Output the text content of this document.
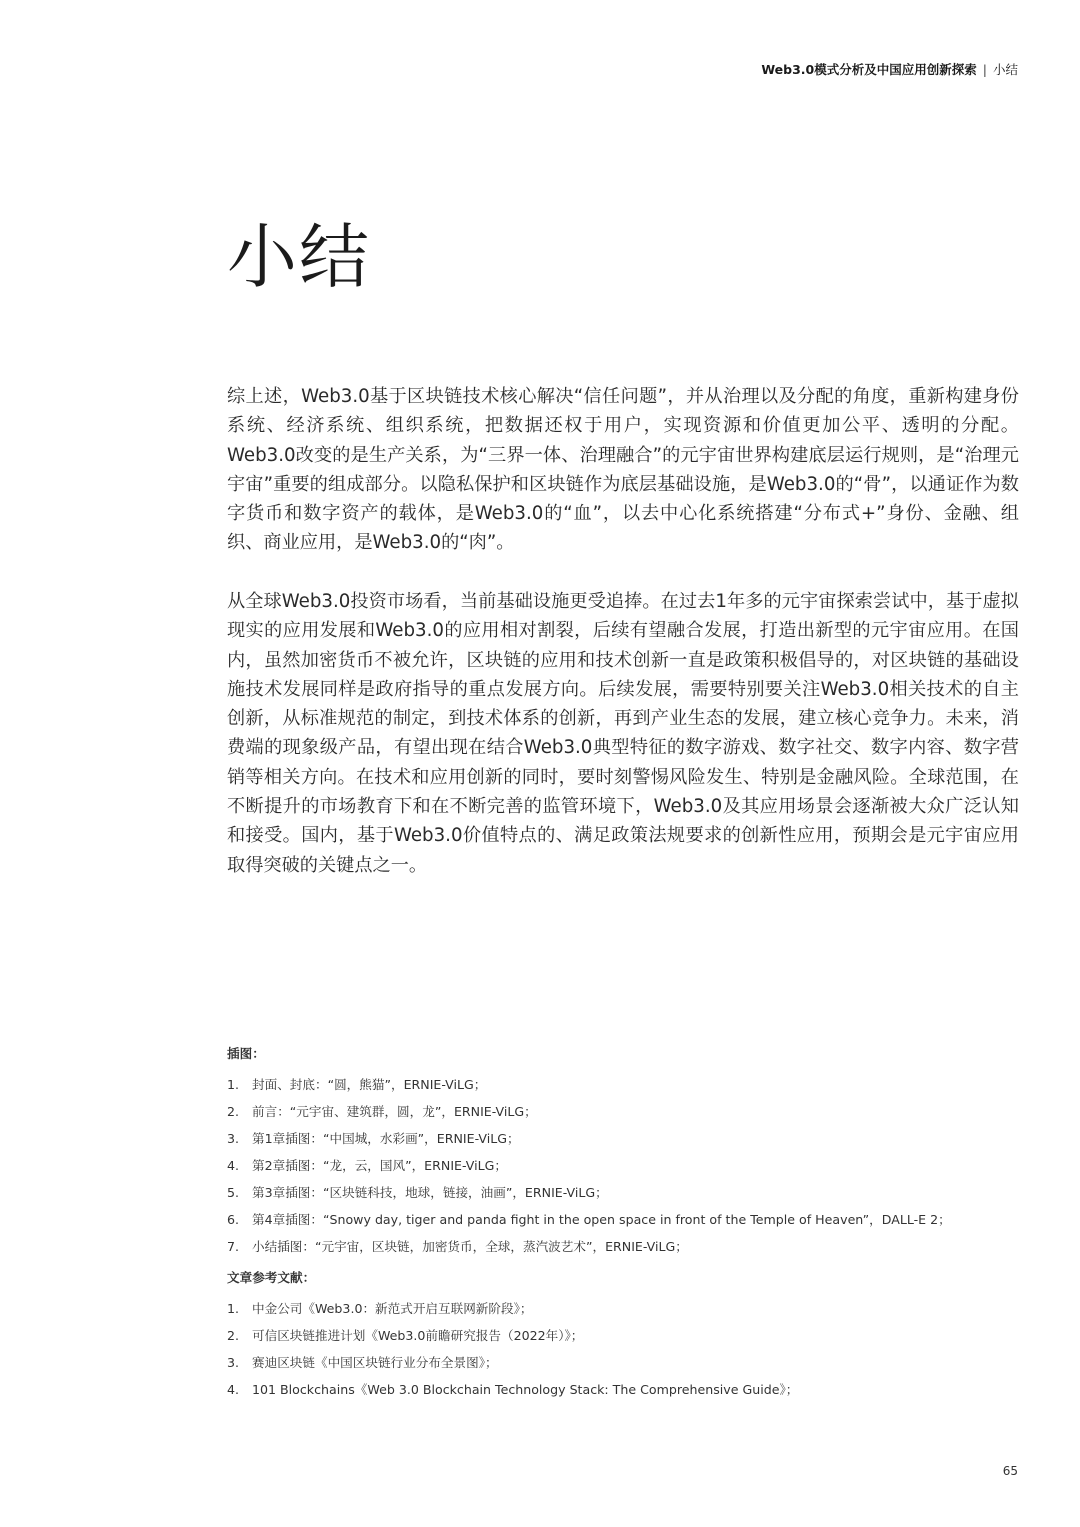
Web3.0模式分析及中国应用创新探索 | 小结
小结

综上述，Web3.0基于区块链技术核心解决“信任问题”，并从治理以及分配的角度，重新构建身份系统、经济系统、组织系统，把数据还权于用户，实现资源和价值更加公平、透明的分配。Web3.0改变的是生产关系，为“三界一体、治理融合”的元宇宙世界构建底层运行规则，是“治理元宇宙”重要的组成部分。以隐私保护和区块链作为底层基础设施，是Web3.0的“骨”，以通证作为数字货币和数字资产的载体，是Web3.0的“血”，以去中心化系统搭建“分布式+”身份、金融、组织、商业应用，是Web3.0的“肉”。

从全球Web3.0投资市场看，当前基础设施更受追捧。在过去1年多的元宇宙探索尝试中，基于虚拟现实的应用发展和Web3.0的应用相对割裂，后续有望融合发展，打造出新型的元宇宙应用。在国内，虽然加密货币不被允许，区块链的应用和技术创新一直是政策积极倡导的，对区块链的基础设施技术发展同样是政府指导的重点发展方向。后续发展，需要特别要关注Web3.0相关技术的自主创新，从标准规范的制定，到技术体系的创新，再到产业生态的发展，建立核心竞争力。未来，消费端的现象级产品，有望出现在结合Web3.0典型特征的数字游戏、数字社交、数字内容、数字营销等相关方向。在技术和应用创新的同时，要时刻警惕风险发生、特别是金融风险。全球范围，在不断提升的市场教育下和在不断完善的监管环境下，Web3.0及其应用场景会逐渐被大众广泛认知和接受。国内，基于Web3.0价值特点的、满足政策法规要求的创新性应用，预期会是元宇宙应用取得突破的关键点之一。

插图：
1.	封面、封底：“圆，熊猫”，ERNIE-ViLG；
2.	前言：“元宇宙、建筑群，圆，龙”，ERNIE-ViLG；
3.	第1章插图：“中国城，水彩画”，ERNIE-ViLG；
4.	第2章插图：“龙，云，国风”，ERNIE-ViLG；
5.	第3章插图：“区块链科技，地球，链接，油画”，ERNIE-ViLG；
6.	第4章插图：“Snowy day, tiger and panda fight in the open space in front of the Temple of Heaven”，DALL-E 2；
7.	小结插图：“元宇宙，区块链，加密货币，全球，蒸汽波艺术”，ERNIE-ViLG；
文章参考文献：
1.	中金公司《Web3.0：新范式开启互联网新阶段》；
2.	可信区块链推进计划《Web3.0前瞻研究报告（2022年）》；
3.	赛迪区块链《中国区块链行业分布全景图》；
4.	101 Blockchains《Web 3.0 Blockchain Technology Stack: The Comprehensive Guide》；
65
